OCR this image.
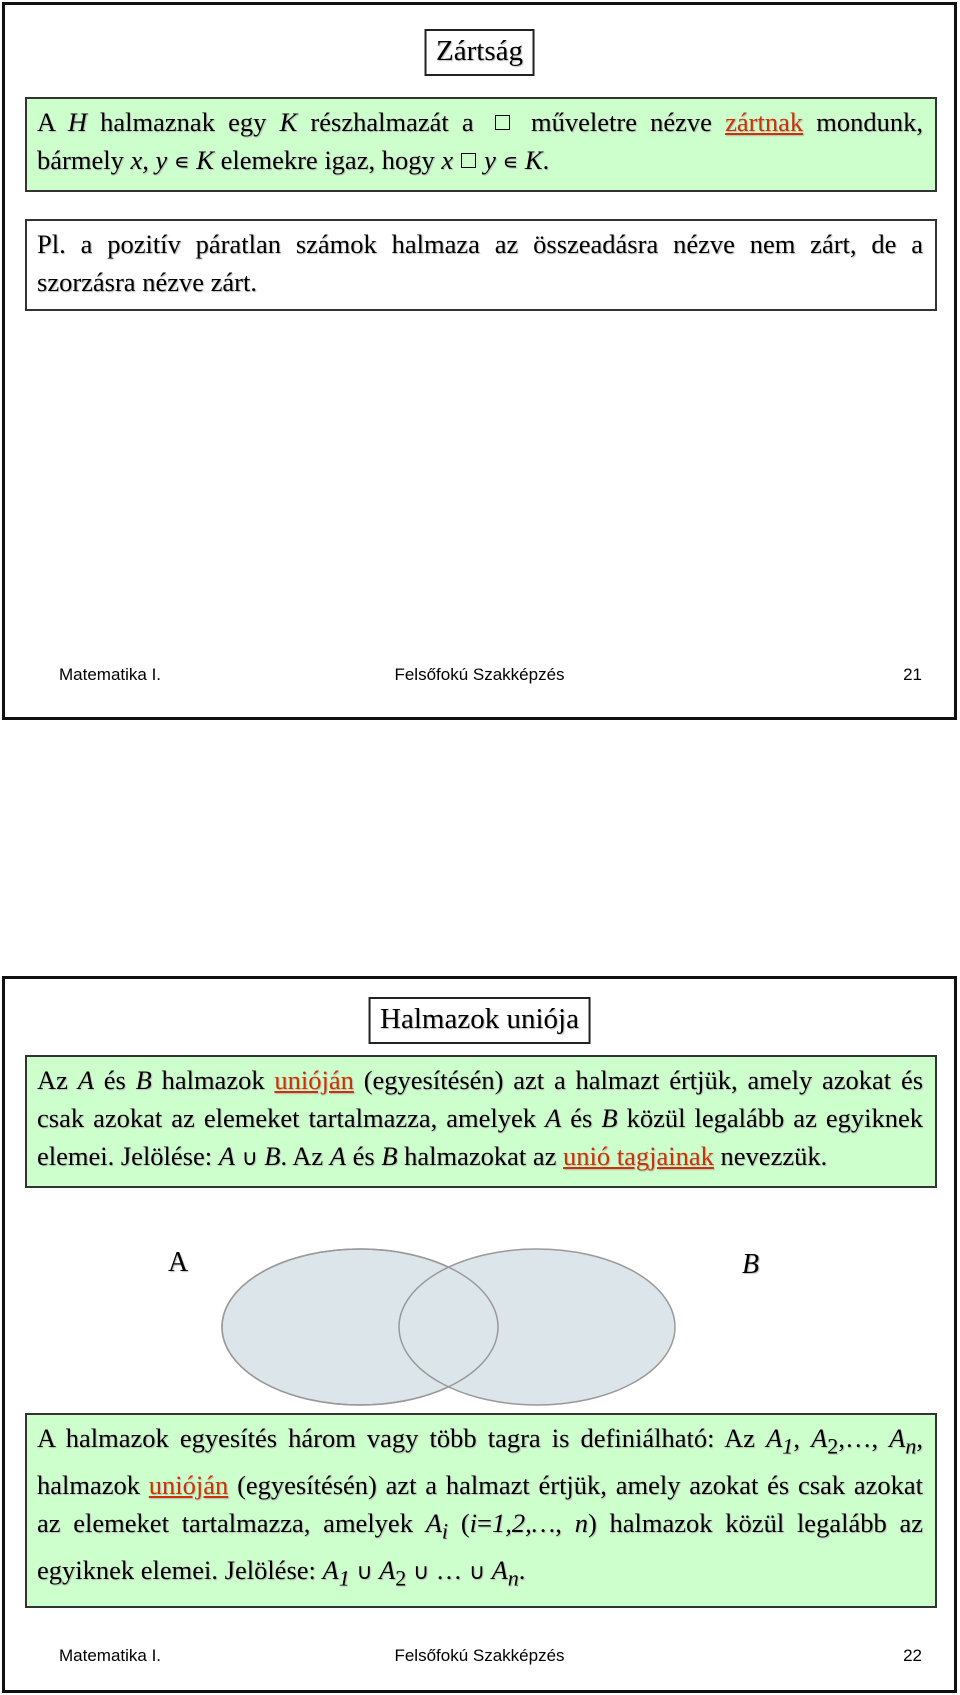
Zártság
A H halmaznak egy K részhalmazát a  műveletre nézve zártnak mondunk, bármely x, y ∊ K elemekre igaz, hogy x y ∊ K.
Pl. a pozitív páratlan számok halmaza az összeadásra nézve nem zárt, de a szorzásra nézve zárt.
Matematika I.	Felsőfokú Szakképzés	21
Halmazok uniója
Az A és B halmazok unióján (egyesítésén) azt a halmazt értjük, amely azokat és csak azokat az elemeket tartalmazza, amelyek A és B közül legalább az egyiknek elemei. Jelölése: A ∪ B. Az A és B halmazokat az unió tagjainak nevezzük.
A	B
A halmazok egyesítés három vagy több tagra is definiálható: Az $A_1$, $A_2,\dots$, $A_n$, halmazok unióján (egyesítésén) azt a halmazt értjük, amely azokat és csak azokat az elemeket tartalmazza, amelyek $A_i$ (i=1,2,…, n) halmazok közül legalább az egyiknek elemei. Jelölése: $A_1$ ∪ $A_2$ ∪ … ∪ $A_n$.
Matematika I.	Felsőfokú Szakképzés	22
